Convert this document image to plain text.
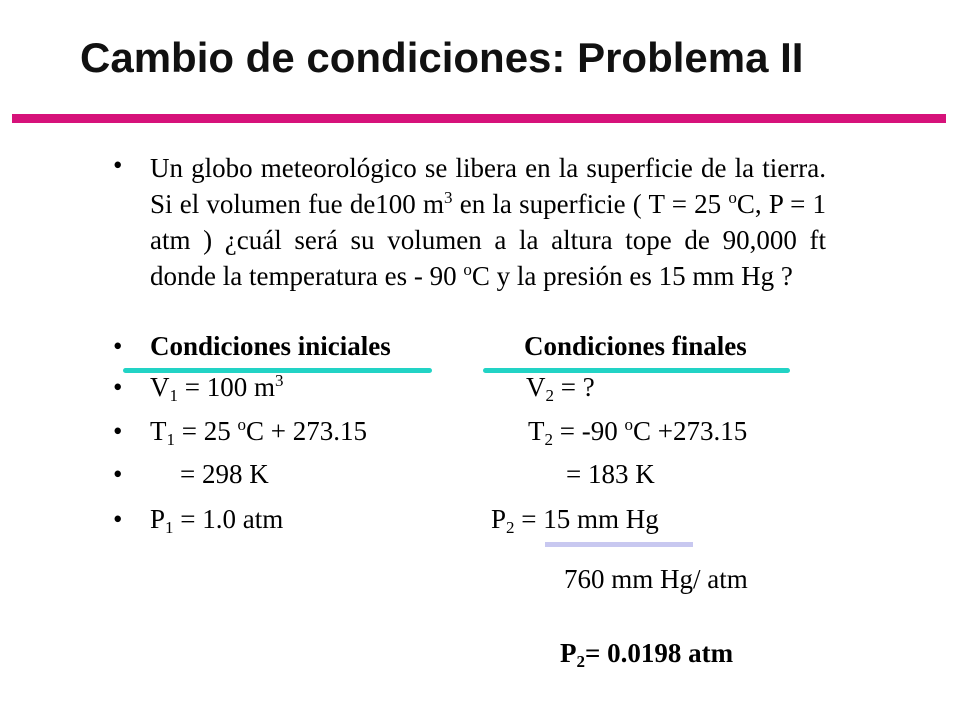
Cambio de condiciones: Problema II
• Un globo meteorológico se libera en la superficie de la tierra. Si el volumen fue de100 $m^3$ en la superficie ( T = 25 $^o$C, P = 1 atm ) ¿cuál será su volumen a la altura tope de 90,000 ft donde la temperatura es - 90 $^o$C y la presión es 15 mm Hg ?
• Condiciones iniciales	Condiciones finales
• $V_1 = 100$ $m^3$	$V_2$ = ?
• $T_1 = 25$ $^o$C + 273.15	$T_2 = -90$ $^o$C +273.15
• = 298 K	= 183 K
• $P_1 = 1.0$ atm	$P_2 = 15$ mm Hg
760 mm Hg/ atm
$P_2= 0.0198$ atm
